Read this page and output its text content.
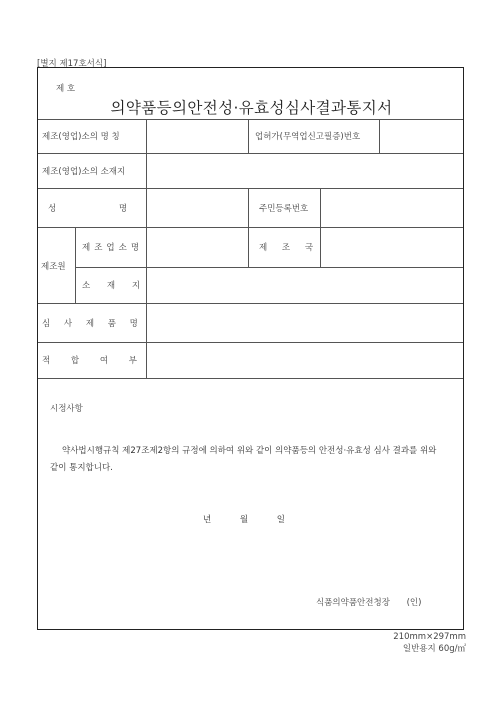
[별지 제17호서식]
제 호
의약품등의안전성·유효성심사결과통지서
제조(영업)소의 명 칭	업허가(무역업신고필증)번호
제조(영업)소의 소재지
성 명	주민등록번호
제조원
제조업소명	제 조 국
소 재 지
심 사 제 품 명
적 합 여 부
시정사항
약사법시행규칙 제27조제2항의 규정에 의하여 위와 같이 의약품등의 안전성·유효성 심사 결과를 위와 같이 통지합니다.
년	월	일
식품의약품안전청장 (인)
210mm×297mm
일반용지 60g/㎡
